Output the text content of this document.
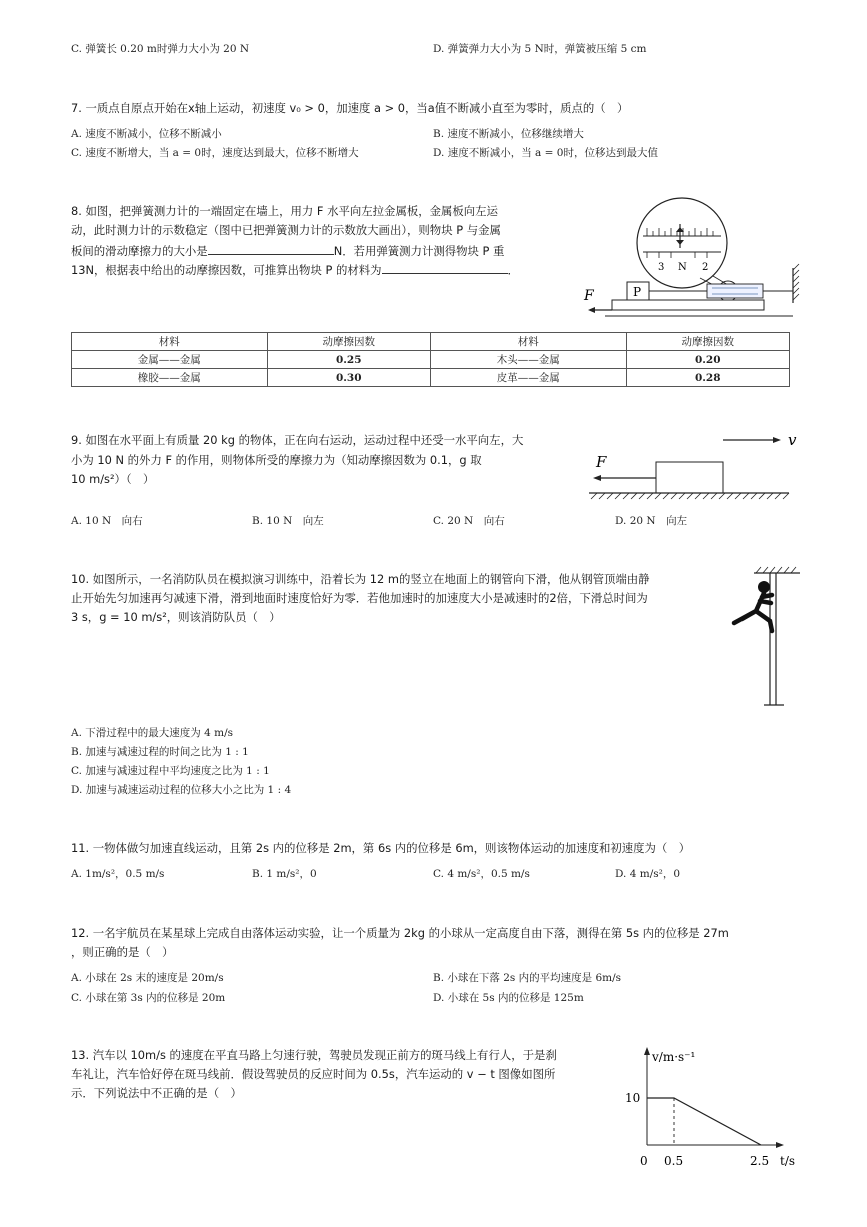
C. 弹簧长 0.20 m时弹力大小为 20 N	D. 弹簧弹力大小为 5 N时，弹簧被压缩 5 cm
7. 一质点自原点开始在x轴上运动，初速度 v₀ > 0，加速度 a > 0，当a值不断减小直至为零时，质点的（　）
A. 速度不断减小，位移不断减小	B. 速度不断减小，位移继续增大
C. 速度不断增大，当 a = 0时，速度达到最大，位移不断增大	D. 速度不断减小，当 a = 0时，位移达到最大值
8. 如图，把弹簧测力计的一端固定在墙上，用力 F 水平向左拉金属板，金属板向左运
动，此时测力计的示数稳定（图中已把弹簧测力计的示数放大画出），则物块 P 与金属
板间的滑动摩擦力的大小是	N．若用弹簧测力计测得物块 P 重
13N，根据表中给出的动摩擦因数，可推算出物块 P 的材料为	．	3 N 2
P
F
材料	动摩擦因数	材料	动摩擦因数
金属——金属	0.25	木头——金属	0.20
橡胶——金属	0.30	皮革——金属	0.28
9. 如图在水平面上有质量 20 kg 的物体，正在向右运动，运动过程中还受一水平向左，大
小为 10 N 的外力 F 的作用，则物体所受的摩擦力为（知动摩擦因数为 0.1，g 取
10 m/s²）（　）
v
F
A. 10 N　向右	B. 10 N　向左	C. 20 N　向右	D. 20 N　向左
10. 如图所示，一名消防队员在模拟演习训练中，沿着长为 12 m的竖立在地面上的钢管向下滑，他从钢管顶端由静
止开始先匀加速再匀减速下滑，滑到地面时速度恰好为零．若他加速时的加速度大小是减速时的2倍，下滑总时间为
3 s，g = 10 m/s²，则该消防队员（　）
A. 下滑过程中的最大速度为 4 m/s
B. 加速与减速过程的时间之比为 1 : 1
C. 加速与减速过程中平均速度之比为 1 : 1
D. 加速与减速运动过程的位移大小之比为 1 : 4
11. 一物体做匀加速直线运动，且第 2s 内的位移是 2m，第 6s 内的位移是 6m，则该物体运动的加速度和初速度为（　）
A. 1m/s²，0.5 m/s	B. 1 m/s²，0	C. 4 m/s²，0.5 m/s	D. 4 m/s²，0
12. 一名宇航员在某星球上完成自由落体运动实验，让一个质量为 2kg 的小球从一定高度自由下落，测得在第 5s 内的位移是 27m
，则正确的是（　）
A. 小球在 2s 末的速度是 20m/s	B. 小球在下落 2s 内的平均速度是 6m/s
C. 小球在第 3s 内的位移是 20m	D. 小球在 5s 内的位移是 125m
13. 汽车以 10m/s 的速度在平直马路上匀速行驶，驾驶员发现正前方的斑马线上有行人，于是刹
车礼让，汽车恰好停在斑马线前．假设驾驶员的反应时间为 0.5s，汽车运动的 v − t 图像如图所
示．下列说法中不正确的是（　）
v/m·s⁻¹
t/s
10
0 0.5	2.5
